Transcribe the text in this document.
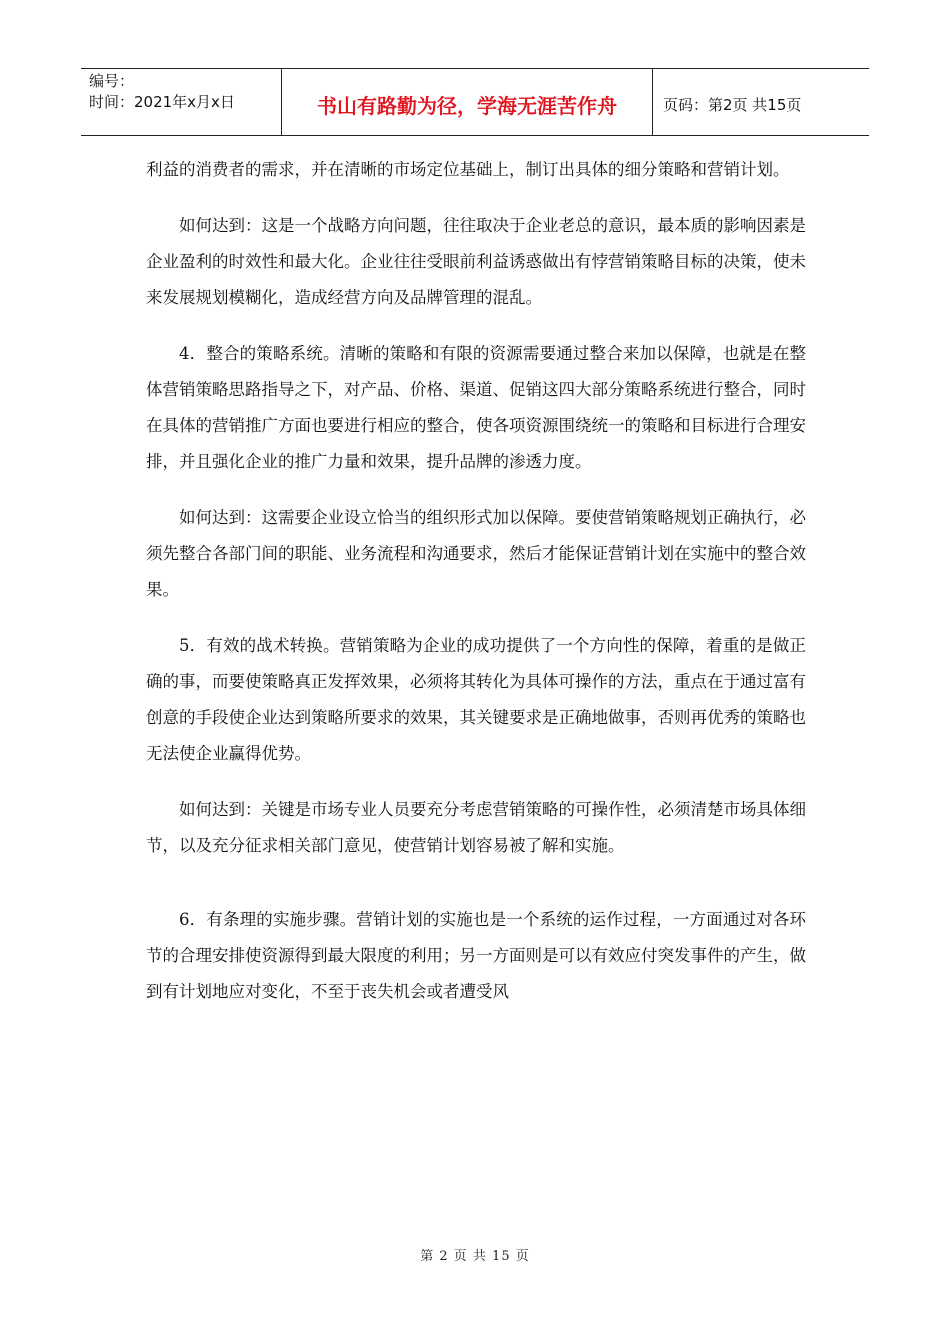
编号：
时间：2021年x月x日	书山有路勤为径，学海无涯苦作舟	页码：第2页 共15页

利益的消费者的需求，并在清晰的市场定位基础上，制订出具体的细分策略和营销计划。

如何达到：这是一个战略方向问题，往往取决于企业老总的意识，最本质的影响因素是企业盈利的时效性和最大化。企业往往受眼前利益诱惑做出有悖营销策略目标的决策，使未来发展规划模糊化，造成经营方向及品牌管理的混乱。

4．整合的策略系统。清晰的策略和有限的资源需要通过整合来加以保障，也就是在整体营销策略思路指导之下，对产品、价格、渠道、促销这四大部分策略系统进行整合，同时在具体的营销推广方面也要进行相应的整合，使各项资源围绕统一的策略和目标进行合理安排，并且强化企业的推广力量和效果，提升品牌的渗透力度。

如何达到：这需要企业设立恰当的组织形式加以保障。要使营销策略规划正确执行，必须先整合各部门间的职能、业务流程和沟通要求，然后才能保证营销计划在实施中的整合效果。

5．有效的战术转换。营销策略为企业的成功提供了一个方向性的保障，着重的是做正确的事，而要使策略真正发挥效果，必须将其转化为具体可操作的方法，重点在于通过富有创意的手段使企业达到策略所要求的效果，其关键要求是正确地做事，否则再优秀的策略也无法使企业赢得优势。

如何达到：关键是市场专业人员要充分考虑营销策略的可操作性，必须清楚市场具体细节，以及充分征求相关部门意见，使营销计划容易被了解和实施。

6．有条理的实施步骤。营销计划的实施也是一个系统的运作过程，一方面通过对各环节的合理安排使资源得到最大限度的利用；另一方面则是可以有效应付突发事件的产生，做到有计划地应对变化，不至于丧失机会或者遭受风

第 2 页 共 15 页
